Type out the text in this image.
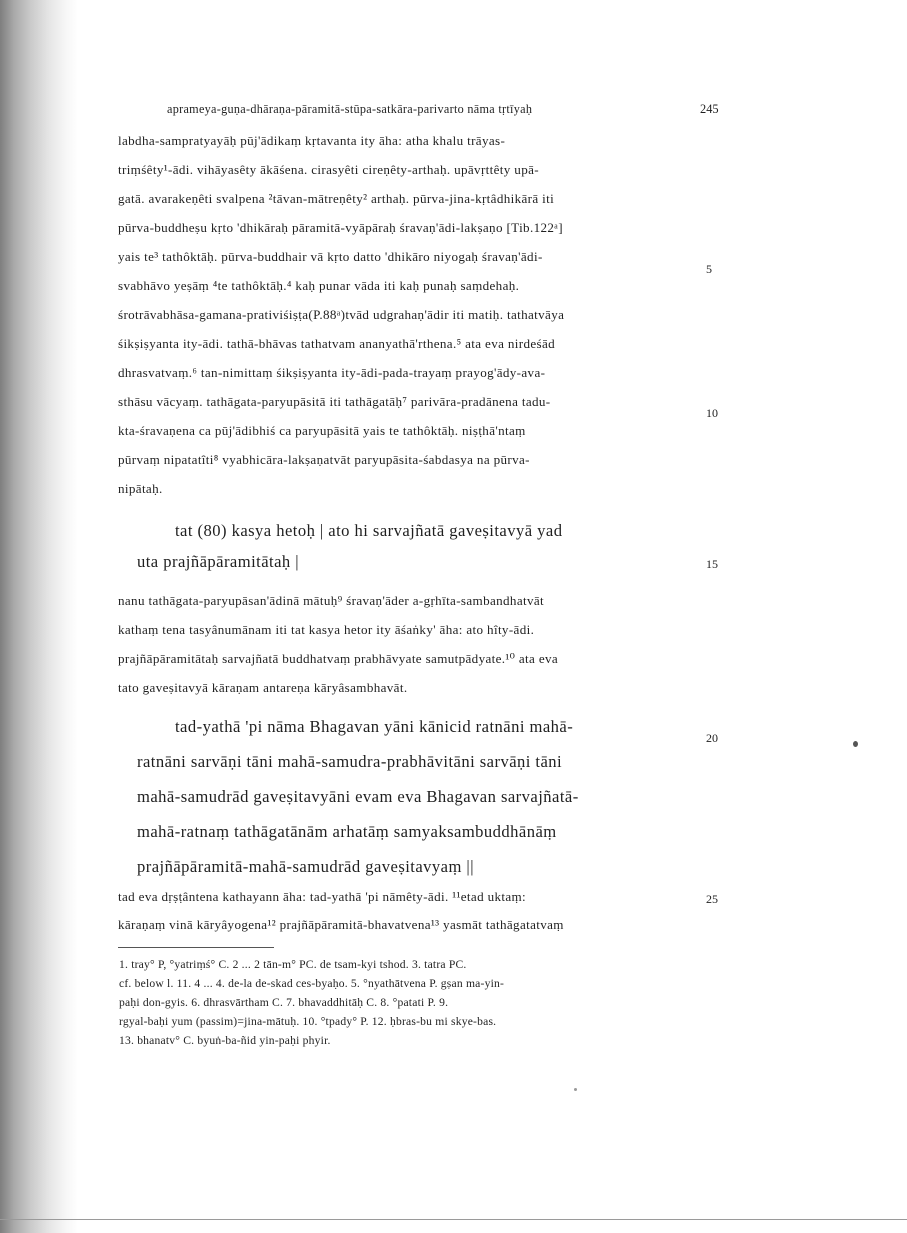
aprameya-guṇa-dhāraṇa-pāramitā-stūpa-satkāra-parivarto nāma tṛtīyaḥ	245
labdha-sampratyayāḥ pūj'ādikaṃ kṛtavanta ity āha: atha khalu trāyas-
triṃśêty¹-ādi. vihāyasêty ākāśena. cirasyêti cireṇêty-arthaḥ. upāvṛttêty upā-
gatā. avarakeṇêti svalpena ²tāvan-mātreṇêty² arthaḥ. pūrva-jina-kṛtâdhikārā iti
pūrva-buddheṣu kṛto 'dhikāraḥ pāramitā-vyāpāraḥ śravaṇ'ādi-lakṣaṇo [Tib.122ᵃ]
yais te³ tathôktāḥ. pūrva-buddhair vā kṛto datto 'dhikāro niyogaḥ śravaṇ'ādi-
svabhāvo yeṣāṃ ⁴te tathôktāḥ.⁴ kaḥ punar vāda iti kaḥ punaḥ saṃdehaḥ.
śrotrāvabhāsa-gamana-prativiśiṣṭa(P.88ᵃ)tvād udgrahaṇ'ādir iti matiḥ. tathatvāya
śikṣiṣyanta ity-ādi. tathā-bhāvas tathatvam ananyathā'rthena.⁵ ata eva nirdeśād
dhrasvatvaṃ.⁶ tan-nimittaṃ śikṣiṣyanta ity-ādi-pada-trayaṃ prayog'ādy-ava-
sthāsu vācyaṃ. tathāgata-paryupāsitā iti tathāgatāḥ⁷ parivāra-pradānena tadu-
kta-śravaṇena ca pūj'ādibhiś ca paryupāsitā yais te tathôktāḥ. niṣṭhā'ntaṃ
pūrvaṃ nipatatîti⁸ vyabhicāra-lakṣaṇatvāt paryupāsita-śabdasya na pūrva-
nipātaḥ.
tat (80) kasya hetoḥ | ato hi sarvajñatā gaveṣitavyā yad
uta prajñāpāramitātaḥ |
nanu tathāgata-paryupāsan'ādinā mātuḥ⁹ śravaṇ'āder a-gṛhīta-sambandhatvāt
kathaṃ tena tasyânumānam iti tat kasya hetor ity āśaṅky' āha: ato hîty-ādi.
prajñāpāramitātaḥ sarvajñatā buddhatvaṃ prabhāvyate samutpādyate.¹⁰ ata eva
tato gaveṣitavyā kāraṇam antareṇa kāryâsambhavāt.
tad-yathā 'pi nāma Bhagavan yāni kānicid ratnāni mahā-
ratnāni sarvāṇi tāni mahā-samudra-prabhāvitāni sarvāṇi tāni
mahā-samudrād gaveṣitavyāni evam eva Bhagavan sarvajñatā-
mahā-ratnaṃ tathāgatānām arhatāṃ samyaksambuddhānāṃ
prajñāpāramitā-mahā-samudrād gaveṣitavyaṃ ||
tad eva dṛṣṭântena kathayann āha: tad-yathā 'pi nāmêty-ādi. ¹¹etad uktaṃ:
kāraṇaṃ vinā kāryâyogena¹² prajñāpāramitā-bhavatvena¹³ yasmāt tathāgatatvaṃ
5
10
15
20
25
1. tray° P, °yatriṃś° C. 2 ... 2 tān-m° PC. de tsam-kyi tshod. 3. tatra PC.
cf. below l. 11. 4 ... 4. de-la de-skad ces-byaḥo. 5. °nyathātvena P. gṣan ma-yin-
paḥi don-gyis. 6. dhrasvārtham C. 7. bhavaddhitāḥ C. 8. °patati P. 9.
rgyal-baḥi yum (passim)=jina-mātuḥ. 10. °tpady° P. 12. ḥbras-bu mi skye-bas.
13. bhanatv° C. byuṅ-ba-ñid yin-paḥi phyir.
